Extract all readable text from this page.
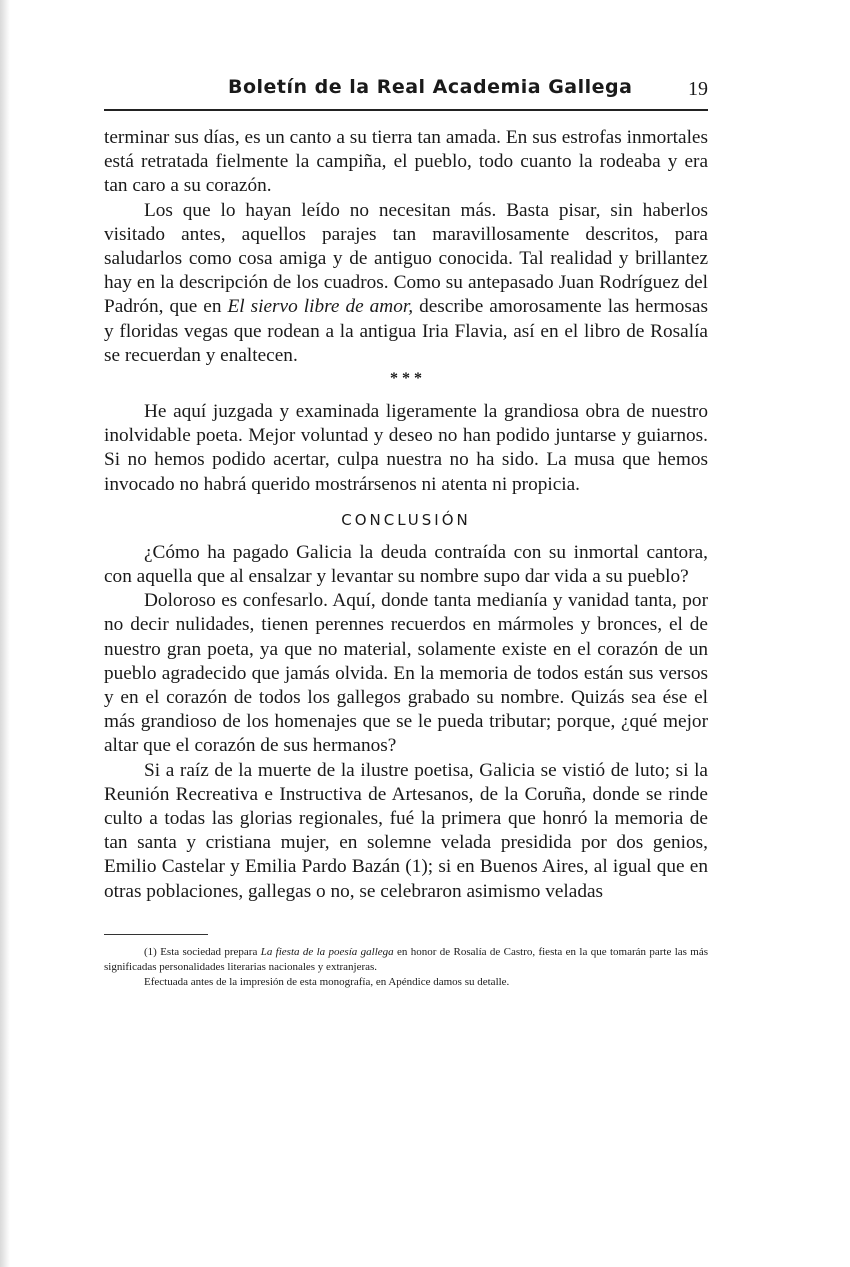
Boletín de la Real Academia Gallega	19

terminar sus días, es un canto a su tierra tan amada. En sus estrofas inmortales está retratada fielmente la campiña, el pueblo, todo cuanto la rodeaba y era tan caro a su corazón.

Los que lo hayan leído no necesitan más. Basta pisar, sin haberlos visitado antes, aquellos parajes tan maravillosamente descritos, para saludarlos como cosa amiga y de antiguo conocida. Tal realidad y brillantez hay en la descripción de los cuadros. Como su antepasado Juan Rodríguez del Padrón, que en El siervo libre de amor, describe amorosamente las hermosas y floridas vegas que rodean a la antigua Iria Flavia, así en el libro de Rosalía se recuerdan y enaltecen.

* * *

He aquí juzgada y examinada ligeramente la grandiosa obra de nuestro inolvidable poeta. Mejor voluntad y deseo no han podido juntarse y guiarnos. Si no hemos podido acertar, culpa nuestra no ha sido. La musa que hemos invocado no habrá querido mostrársenos ni atenta ni propicia.

CONCLUSIÓN

¿Cómo ha pagado Galicia la deuda contraída con su inmortal cantora, con aquella que al ensalzar y levantar su nombre supo dar vida a su pueblo?

Doloroso es confesarlo. Aquí, donde tanta medianía y vanidad tanta, por no decir nulidades, tienen perennes recuerdos en mármoles y bronces, el de nuestro gran poeta, ya que no material, solamente existe en el corazón de un pueblo agradecido que jamás olvida. En la memoria de todos están sus versos y en el corazón de todos los gallegos grabado su nombre. Quizás sea ése el más grandioso de los homenajes que se le pueda tributar; porque, ¿qué mejor altar que el corazón de sus hermanos?

Si a raíz de la muerte de la ilustre poetisa, Galicia se vistió de luto; si la Reunión Recreativa e Instructiva de Artesanos, de la Coruña, donde se rinde culto a todas las glorias regionales, fué la primera que honró la memoria de tan santa y cristiana mujer, en solemne velada presidida por dos genios, Emilio Castelar y Emilia Pardo Bazán (1); si en Buenos Aires, al igual que en otras poblaciones, gallegas o no, se celebraron asimismo veladas

(1) Esta sociedad prepara La fiesta de la poesía gallega en honor de Rosalía de Castro, fiesta en la que tomarán parte las más significadas personalidades literarias nacionales y extranjeras.

Efectuada antes de la impresión de esta monografía, en Apéndice damos su detalle.
